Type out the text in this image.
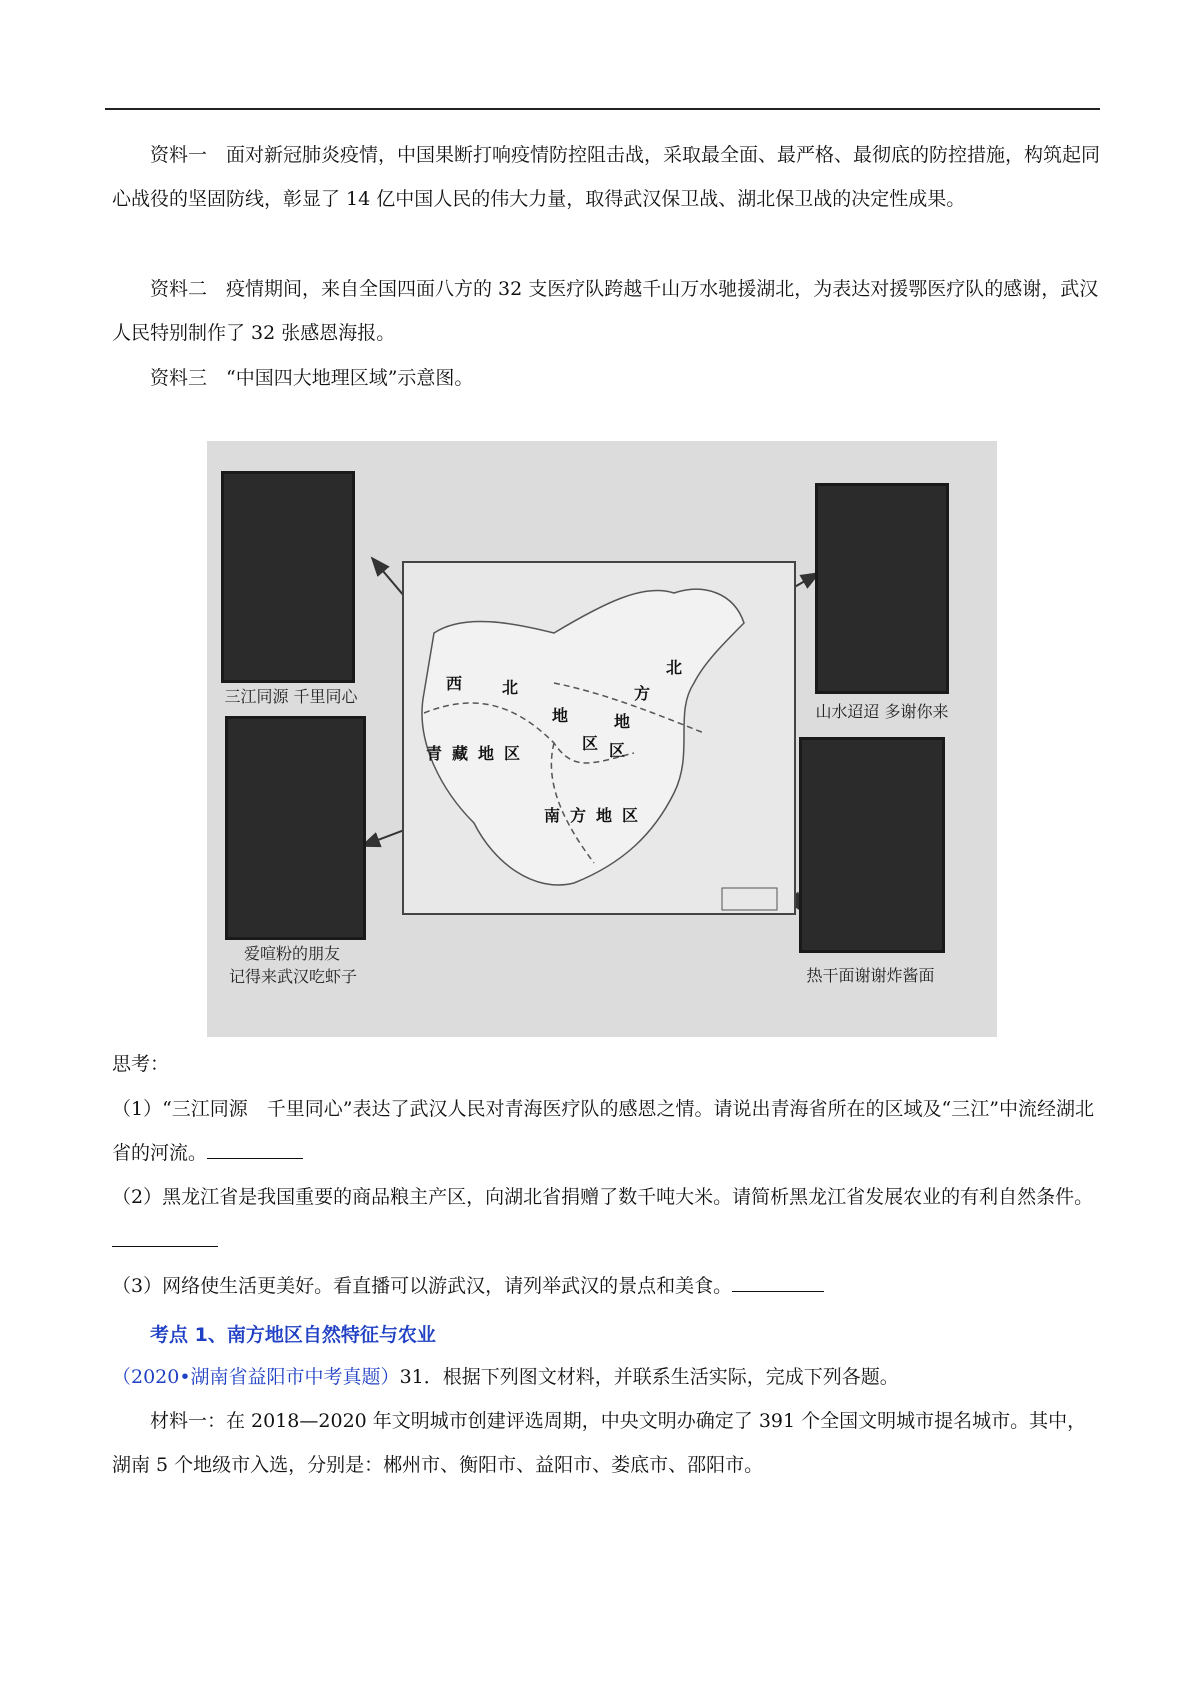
资料一　面对新冠肺炎疫情，中国果断打响疫情防控阻击战，采取最全面、最严格、最彻底的防控措施，构筑起同心战役的坚固防线，彰显了 14 亿中国人民的伟大力量，取得武汉保卫战、湖北保卫战的决定性成果。

资料二　疫情期间，来自全国四面八方的 32 支医疗队跨越千山万水驰援湖北，为表达对援鄂医疗队的感谢，武汉人民特别制作了 32 张感恩海报。

资料三　“中国四大地理区域”示意图。

三江同源 千里同心
山水迢迢 多谢你来
爱喧粉的朋友
记得来武汉吃虾子	热干面谢谢炸酱面
西 北
地
区
青藏地区
北
方
地
区
南方地区

思考：

（1）“三江同源　千里同心”表达了武汉人民对青海医疗队的感恩之情。请说出青海省所在的区域及“三江”中流经湖北省的河流。

（2）黑龙江省是我国重要的商品粮主产区，向湖北省捐赠了数千吨大米。请简析黑龙江省发展农业的有利自然条件。

（3）网络使生活更美好。看直播可以游武汉，请列举武汉的景点和美食。

考点 1、南方地区自然特征与农业

（2020•湖南省益阳市中考真题）31．根据下列图文材料，并联系生活实际，完成下列各题。

材料一：在 2018—2020 年文明城市创建评选周期，中央文明办确定了 391 个全国文明城市提名城市。其中，湖南 5 个地级市入选，分别是：郴州市、衡阳市、益阳市、娄底市、邵阳市。
